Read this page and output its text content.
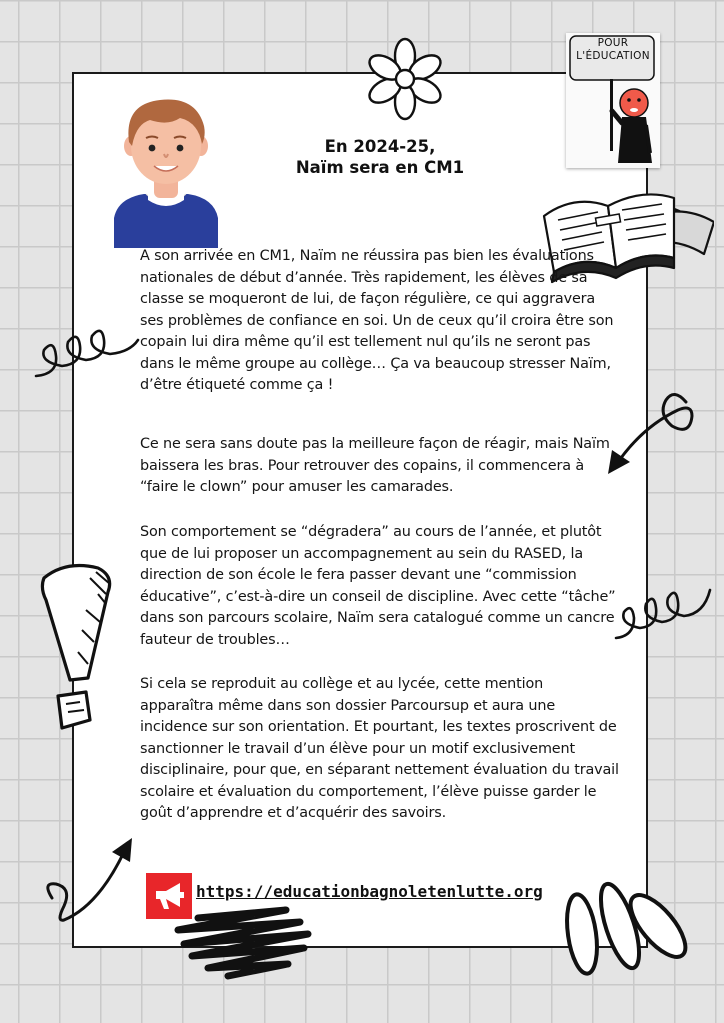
POUR
L'ÉDUCATION
En 2024-25,
Naïm sera en CM1

A son arrivée en CM1, Naïm ne réussira pas bien les évaluations nationales de début d’année. Très rapidement, les élèves de sa classe se moqueront de lui, de façon régulière, ce qui aggravera ses problèmes de confiance en soi. Un de ceux qu’il croira être son copain lui dira même qu’il est tellement nul qu’ils ne seront pas dans le même groupe au collège… Ça va beaucoup stresser Naïm, d’être étiqueté comme ça !

Ce ne sera sans doute pas la meilleure façon de réagir, mais Naïm baissera les bras. Pour retrouver des copains, il commencera à “faire le clown” pour amuser les camarades.

Son comportement se “dégradera” au cours de l’année, et plutôt que de lui proposer un accompagnement au sein du RASED, la direction de son école le fera passer devant une “commission éducative”, c’est-à-dire un conseil de discipline. Avec cette “tâche” dans son parcours scolaire, Naïm sera catalogué comme un cancre fauteur de troubles…

Si cela se reproduit au collège et au lycée, cette mention apparaîtra même dans son dossier Parcoursup et aura une incidence sur son orientation. Et pourtant, les textes proscrivent de sanctionner le travail d’un élève pour un motif exclusivement disciplinaire, pour que, en séparant nettement évaluation du travail scolaire et évaluation du comportement, l’élève puisse garder le goût d’apprendre et d’acquérir des savoirs.

https://educationbagnoletenlutte.org
